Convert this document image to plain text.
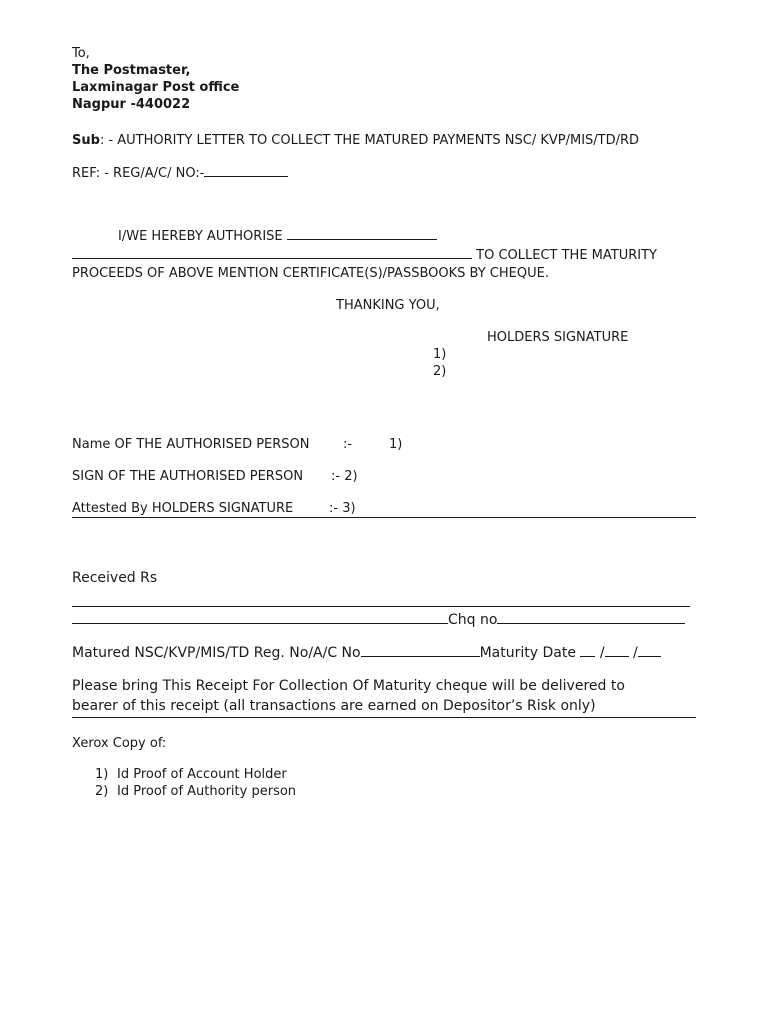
To,
The Postmaster,
Laxminagar Post office
Nagpur -440022
Sub: - AUTHORITY LETTER TO COLLECT THE MATURED PAYMENTS NSC/ KVP/MIS/TD/RD
REF: - REG/A/C/ NO:-
I/WE HEREBY AUTHORISE
TO COLLECT THE MATURITY
PROCEEDS OF ABOVE MENTION CERTIFICATE(S)/PASSBOOKS BY CHEQUE.
THANKING YOU,
HOLDERS SIGNATURE
1)
2)
Name OF THE AUTHORISED PERSON	:-	1)
SIGN OF THE AUTHORISED PERSON :- 2)
Attested By HOLDERS SIGNATURE	:- 3)
Received Rs
Chq no
Matured NSC/KVP/MIS/TD Reg. No/A/C No	Maturity Date / /
Please bring This Receipt For Collection Of Maturity cheque will be delivered to
bearer of this receipt (all transactions are earned on Depositor’s Risk only)
Xerox Copy of:
1) Id Proof of Account Holder
2) Id Proof of Authority person
